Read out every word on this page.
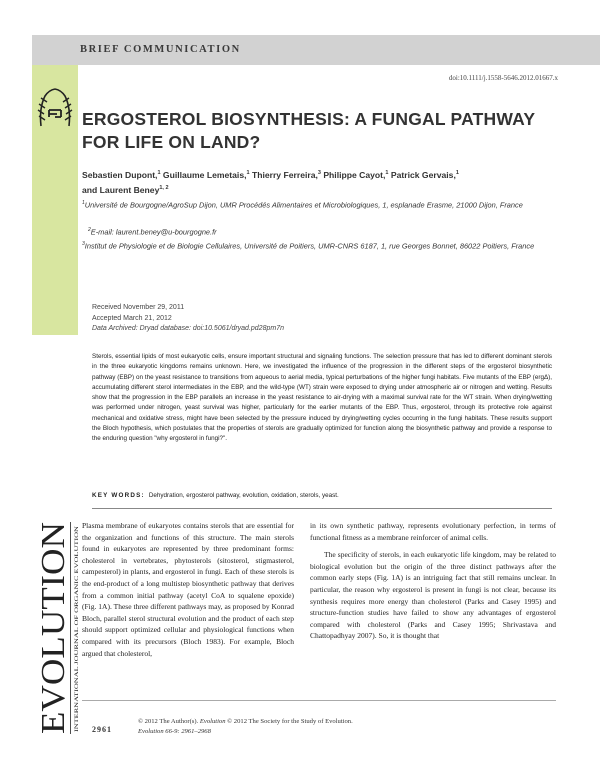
BRIEF COMMUNICATION
doi:10.1111/j.1558-5646.2012.01667.x
ERGOSTEROL BIOSYNTHESIS: A FUNGAL PATHWAY FOR LIFE ON LAND?
Sebastien Dupont,$^1$ Guillaume Lemetais,$^1$ Thierry Ferreira,$^3$ Philippe Cayot,$^1$ Patrick Gervais,$^1$
and Laurent Beney$^{1, 2}$
$^1$Université de Bourgogne/AgroSup Dijon, UMR Procédés Alimentaires et Microbiologiques, 1, esplanade Erasme, 21000 Dijon, France
$^2$E-mail: laurent.beney@u-bourgogne.fr
$^3$Institut de Physiologie et de Biologie Cellulaires, Université de Poitiers, UMR-CNRS 6187, 1, rue Georges Bonnet, 86022 Poitiers, France
Received November 29, 2011
Accepted March 21, 2012
Data Archived: Dryad database: doi:10.5061/dryad.pd28pm7n
Sterols, essential lipids of most eukaryotic cells, ensure important structural and signaling functions. The selection pressure that has led to different dominant sterols in the three eukaryotic kingdoms remains unknown. Here, we investigated the influence of the progression in the different steps of the ergosterol biosynthetic pathway (EBP) on the yeast resistance to transitions from aqueous to aerial media, typical perturbations of the higher fungi habitats. Five mutants of the EBP (ergΔ), accumulating different sterol intermediates in the EBP, and the wild-type (WT) strain were exposed to drying under atmospheric air or nitrogen and wetting. Results show that the progression in the EBP parallels an increase in the yeast resistance to air-drying with a maximal survival rate for the WT strain. When drying/wetting was performed under nitrogen, yeast survival was higher, particularly for the earlier mutants of the EBP. Thus, ergosterol, through its protective role against mechanical and oxidative stress, might have been selected by the pressure induced by drying/wetting cycles occurring in the fungi habitats. These results support the Bloch hypothesis, which postulates that the properties of sterols are gradually optimized for function along the biosynthetic pathway and provide a response to the enduring question "why ergosterol in fungi?".
KEY WORDS: Dehydration, ergosterol pathway, evolution, oxidation, sterols, yeast.
EVOLUTION INTERNATIONAL JOURNAL OF ORGANIC EVOLUTION

Plasma membrane of eukaryotes contains sterols that are essential for the organization and functions of this structure. The main sterols found in eukaryotes are represented by three predominant forms: cholesterol in vertebrates, phytosterols (sitosterol, stigmasterol, campesterol) in plants, and ergosterol in fungi. Each of these sterols is the end-product of a long multistep biosynthetic pathway that derives from a common initial pathway (acetyl CoA to squalene epoxide) (Fig. 1A). These three different pathways may, as proposed by Konrad Bloch, parallel sterol structural evolution and the product of each step should support optimized cellular and physiological functions when compared with its precursors (Bloch 1983). For example, Bloch argued that cholesterol,

in its own synthetic pathway, represents evolutionary perfection, in terms of functional fitness as a membrane reinforcer of animal cells.

The specificity of sterols, in each eukaryotic life kingdom, may be related to biological evolution but the origin of the three distinct pathways after the common early steps (Fig. 1A) is an intriguing fact that still remains unclear. In particular, the reason why ergosterol is present in fungi is not clear, because its synthesis requires more energy than cholesterol (Parks and Casey 1995) and structure-function studies have failed to show any advantages of ergosterol compared with cholesterol (Parks and Casey 1995; Shrivastava and Chattopadhyay 2007). So, it is thought that

© 2012 The Author(s). Evolution © 2012 The Society for the Study of Evolution.
Evolution 66-9: 2961–2968
2961
